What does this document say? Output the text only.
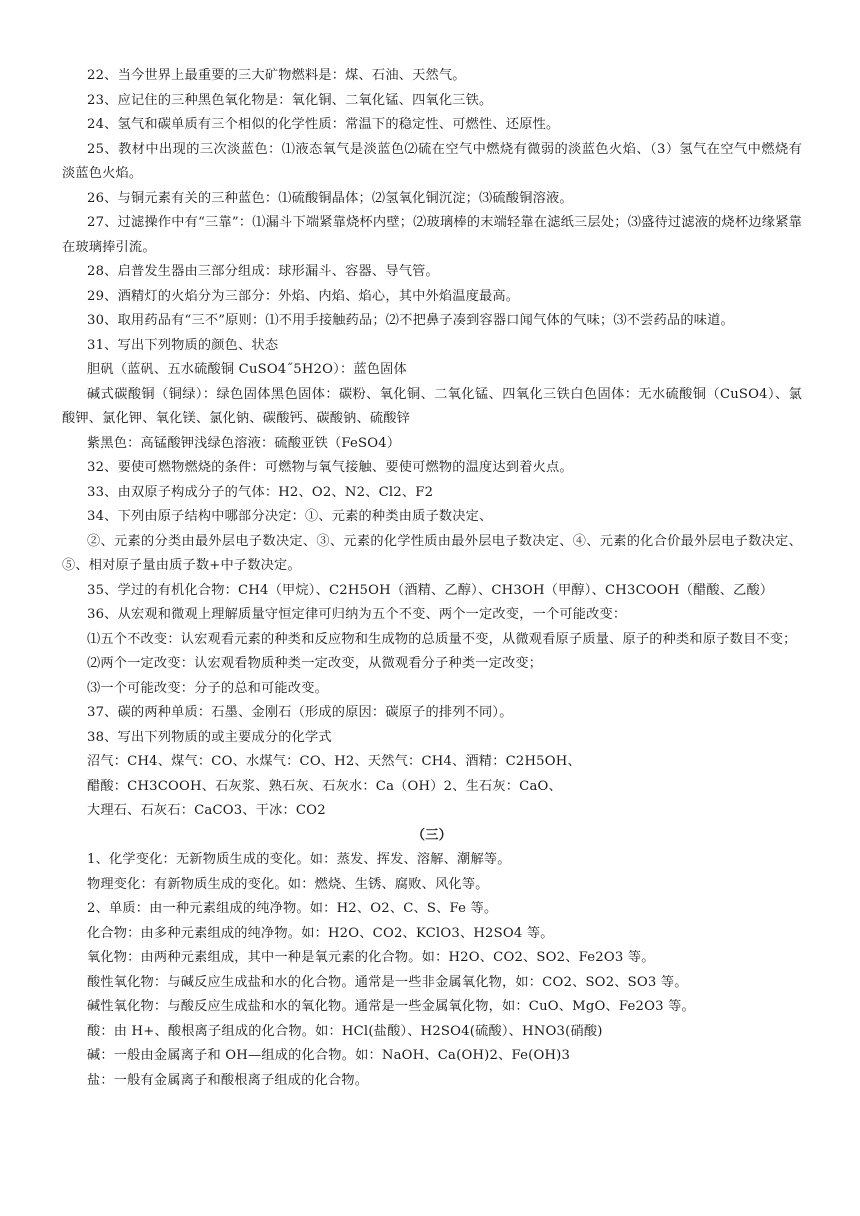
22、当今世界上最重要的三大矿物燃料是：煤、石油、天然气。
23、应记住的三种黑色氧化物是：氧化铜、二氧化锰、四氧化三铁。
24、氢气和碳单质有三个相似的化学性质：常温下的稳定性、可燃性、还原性。
25、教材中出现的三次淡蓝色：⑴液态氧气是淡蓝色⑵硫在空气中燃烧有微弱的淡蓝色火焰、（3）氢气在空气中燃烧有淡蓝色火焰。
26、与铜元素有关的三种蓝色：⑴硫酸铜晶体；⑵氢氧化铜沉淀；⑶硫酸铜溶液。
27、过滤操作中有“三靠”：⑴漏斗下端紧靠烧杯内壁；⑵玻璃棒的末端轻靠在滤纸三层处；⑶盛待过滤液的烧杯边缘紧靠在玻璃捧引流。
28、启普发生器由三部分组成：球形漏斗、容器、导气管。
29、酒精灯的火焰分为三部分：外焰、内焰、焰心，其中外焰温度最高。
30、取用药品有“三不”原则：⑴不用手接触药品；⑵不把鼻子凑到容器口闻气体的气味；⑶不尝药品的味道。
31、写出下列物质的颜色、状态
胆矾（蓝矾、五水硫酸铜 CuSO4˝5H2O）：蓝色固体
碱式碳酸铜（铜绿）：绿色固体黑色固体：碳粉、氧化铜、二氧化锰、四氧化三铁白色固体：无水硫酸铜（CuSO4）、氯酸钾、氯化钾、氧化镁、氯化钠、碳酸钙、碳酸钠、硫酸锌
紫黑色：高锰酸钾浅绿色溶液：硫酸亚铁（FeSO4）
32、要使可燃物燃烧的条件：可燃物与氧气接触、要使可燃物的温度达到着火点。
33、由双原子构成分子的气体：H2、O2、N2、Cl2、F2
34、下列由原子结构中哪部分决定：①、元素的种类由质子数决定、
②、元素的分类由最外层电子数决定、③、元素的化学性质由最外层电子数决定、④、元素的化合价最外层电子数决定、⑤、相对原子量由质子数+中子数决定。
35、学过的有机化合物：CH4（甲烷）、C2H5OH（酒精、乙醇）、CH3OH（甲醇）、CH3COOH（醋酸、乙酸）
36、从宏观和微观上理解质量守恒定律可归纳为五个不变、两个一定改变，一个可能改变：
⑴五个不改变：认宏观看元素的种类和反应物和生成物的总质量不变，从微观看原子质量、原子的种类和原子数目不变；
⑵两个一定改变：认宏观看物质种类一定改变，从微观看分子种类一定改变；
⑶一个可能改变：分子的总和可能改变。
37、碳的两种单质：石墨、金刚石（形成的原因：碳原子的排列不同）。
38、写出下列物质的或主要成分的化学式
沼气：CH4、煤气：CO、水煤气：CO、H2、天然气：CH4、酒精：C2H5OH、
醋酸：CH3COOH、石灰浆、熟石灰、石灰水：Ca（OH）2、生石灰：CaO、
大理石、石灰石：CaCO3、干冰：CO2
（三）
1、化学变化：无新物质生成的变化。如：蒸发、挥发、溶解、潮解等。
物理变化：有新物质生成的变化。如：燃烧、生锈、腐败、风化等。
2、单质：由一种元素组成的纯净物。如：H2、O2、C、S、Fe 等。
化合物：由多种元素组成的纯净物。如：H2O、CO2、KClO3、H2SO4 等。
氧化物：由两种元素组成，其中一种是氧元素的化合物。如：H2O、CO2、SO2、Fe2O3 等。
酸性氧化物：与碱反应生成盐和水的化合物。通常是一些非金属氧化物，如：CO2、SO2、SO3 等。
碱性氧化物：与酸反应生成盐和水的氧化物。通常是一些金属氧化物，如：CuO、MgO、Fe2O3 等。
酸：由 H+、酸根离子组成的化合物。如：HCl(盐酸）、H2SO4(硫酸）、HNO3(硝酸)
碱：一般由金属离子和 OH—组成的化合物。如：NaOH、Ca(OH)2、Fe(OH)3
盐：一般有金属离子和酸根离子组成的化合物。
